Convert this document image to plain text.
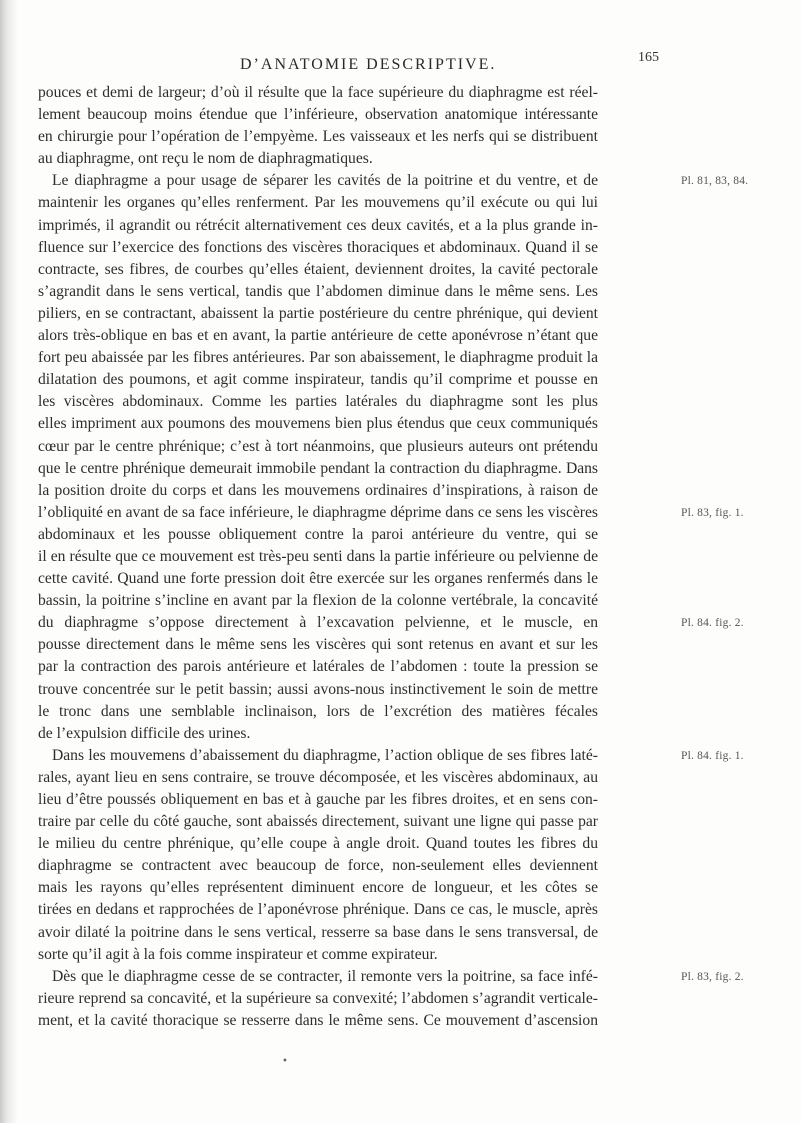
D’ANATOMIE DESCRIPTIVE.	165
pouces et demi de largeur; d’où il résulte que la face supérieure du diaphragme est réel-
lement beaucoup moins étendue que l’inférieure, observation anatomique intéressante
en chirurgie pour l’opération de l’empyème. Les vaisseaux et les nerfs qui se distribuent
au diaphragme, ont reçu le nom de diaphragmatiques.
Le diaphragme a pour usage de séparer les cavités de la poitrine et du ventre, et de	Pl. 81, 83, 84.
maintenir les organes qu’elles renferment. Par les mouvemens qu’il exécute ou qui lui
imprimés, il agrandit ou rétrécit alternativement ces deux cavités, et a la plus grande in-
fluence sur l’exercice des fonctions des viscères thoraciques et abdominaux. Quand il se
contracte, ses fibres, de courbes qu’elles étaient, deviennent droites, la cavité pectorale
s’agrandit dans le sens vertical, tandis que l’abdomen diminue dans le même sens. Les
piliers, en se contractant, abaissent la partie postérieure du centre phrénique, qui devient
alors très-oblique en bas et en avant, la partie antérieure de cette aponévrose n’étant que
fort peu abaissée par les fibres antérieures. Par son abaissement, le diaphragme produit la
dilatation des poumons, et agit comme inspirateur, tandis qu’il comprime et pousse en
les viscères abdominaux. Comme les parties latérales du diaphragme sont les plus
elles impriment aux poumons des mouvemens bien plus étendus que ceux communiqués
cœur par le centre phrénique; c’est à tort néanmoins, que plusieurs auteurs ont prétendu
que le centre phrénique demeurait immobile pendant la contraction du diaphragme. Dans
la position droite du corps et dans les mouvemens ordinaires d’inspirations, à raison de
l’obliquité en avant de sa face inférieure, le diaphragme déprime dans ce sens les viscères	Pl. 83, fig. 1.
abdominaux et les pousse obliquement contre la paroi antérieure du ventre, qui se
il en résulte que ce mouvement est très-peu senti dans la partie inférieure ou pelvienne de
cette cavité. Quand une forte pression doit être exercée sur les organes renfermés dans le
bassin, la poitrine s’incline en avant par la flexion de la colonne vertébrale, la concavité
du diaphragme s’oppose directement à l’excavation pelvienne, et le muscle, en	Pl. 84. fig. 2.
pousse directement dans le même sens les viscères qui sont retenus en avant et sur les
par la contraction des parois antérieure et latérales de l’abdomen : toute la pression se
trouve concentrée sur le petit bassin; aussi avons-nous instinctivement le soin de mettre
le tronc dans une semblable inclinaison, lors de l’excrétion des matières fécales
de l’expulsion difficile des urines.
Dans les mouvemens d’abaissement du diaphragme, l’action oblique de ses fibres laté-	Pl. 84. fig. 1.
rales, ayant lieu en sens contraire, se trouve décomposée, et les viscères abdominaux, au
lieu d’être poussés obliquement en bas et à gauche par les fibres droites, et en sens con-
traire par celle du côté gauche, sont abaissés directement, suivant une ligne qui passe par
le milieu du centre phrénique, qu’elle coupe à angle droit. Quand toutes les fibres du
diaphragme se contractent avec beaucoup de force, non-seulement elles deviennent
mais les rayons qu’elles représentent diminuent encore de longueur, et les côtes se
tirées en dedans et rapprochées de l’aponévrose phrénique. Dans ce cas, le muscle, après
avoir dilaté la poitrine dans le sens vertical, resserre sa base dans le sens transversal, de
sorte qu’il agit à la fois comme inspirateur et comme expirateur.
Dès que le diaphragme cesse de se contracter, il remonte vers la poitrine, sa face infé-	Pl. 83, fig. 2.
rieure reprend sa concavité, et la supérieure sa convexité; l’abdomen s’agrandit verticale-
ment, et la cavité thoracique se resserre dans le même sens. Ce mouvement d’ascension
•
